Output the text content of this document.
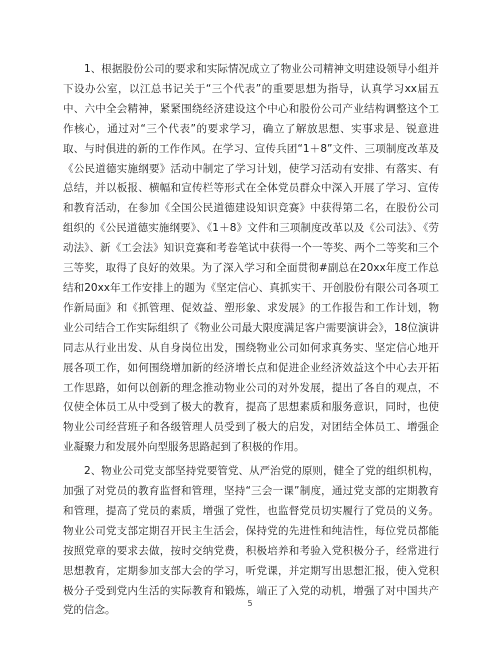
1、根据股份公司的要求和实际情况成立了物业公司精神文明建设领导小组并下设办公室，以江总书记关于“三个代表”的重要思想为指导，认真学习xx届五中、六中全会精神，紧紧围绕经济建设这个中心和股份公司产业结构调整这个工作核心，通过对“三个代表”的要求学习，确立了解放思想、实事求是、锐意进取、与时俱进的新的工作作风。在学习、宣传兵团“1＋8”文件、三项制度改革及《公民道德实施纲要》活动中制定了学习计划，使学习活动有安排、有落实、有总结，并以板报、横幅和宣传栏等形式在全体党员群众中深入开展了学习、宣传和教育活动，在参加《全国公民道德建设知识竞赛》中获得第二名，在股份公司组织的《公民道德实施纲要》、《1＋8》文件和三项制度改革以及《公司法》、《劳动法》、新《工会法》知识竞赛和考卷笔试中获得一个一等奖、两个二等奖和三个三等奖，取得了良好的效果。为了深入学习和全面贯彻#副总在20xx年度工作总结和20xx年工作安排上的题为《坚定信心、真抓实干、开创股份有限公司各项工作新局面》和《抓管理、促效益、塑形象、求发展》的工作报告和工作计划，物业公司结合工作实际组织了《物业公司最大限度满足客户需要演讲会》，18位演讲同志从行业出发、从自身岗位出发，围绕物业公司如何求真务实、坚定信心地开展各项工作，如何围绕增加新的经济增长点和促进企业经济效益这个中心去开拓工作思路，如何以创新的理念推动物业公司的对外发展，提出了各自的观点，不仅使全体员工从中受到了极大的教育，提高了思想素质和服务意识，同时，也使物业公司经营班子和各级管理人员受到了极大的启发，对团结全体员工、增强企业凝聚力和发展外向型服务思路起到了积极的作用。

2、物业公司党支部坚持党要管党、从严治党的原则，健全了党的组织机构，加强了对党员的教育监督和管理，坚持“三会一课”制度，通过党支部的定期教育和管理，提高了党员的素质，增强了党性，也监督党员切实履行了党员的义务。物业公司党支部定期召开民主生活会，保持党的先进性和纯洁性，每位党员都能按照党章的要求去做，按时交纳党费，积极培养和考验入党积极分子，经常进行思想教育，定期参加支部大会的学习，听党课，并定期写出思想汇报，使入党积极分子受到党内生活的实际教育和锻炼，端正了入党的动机，增强了对中国共产党的信念。

5
